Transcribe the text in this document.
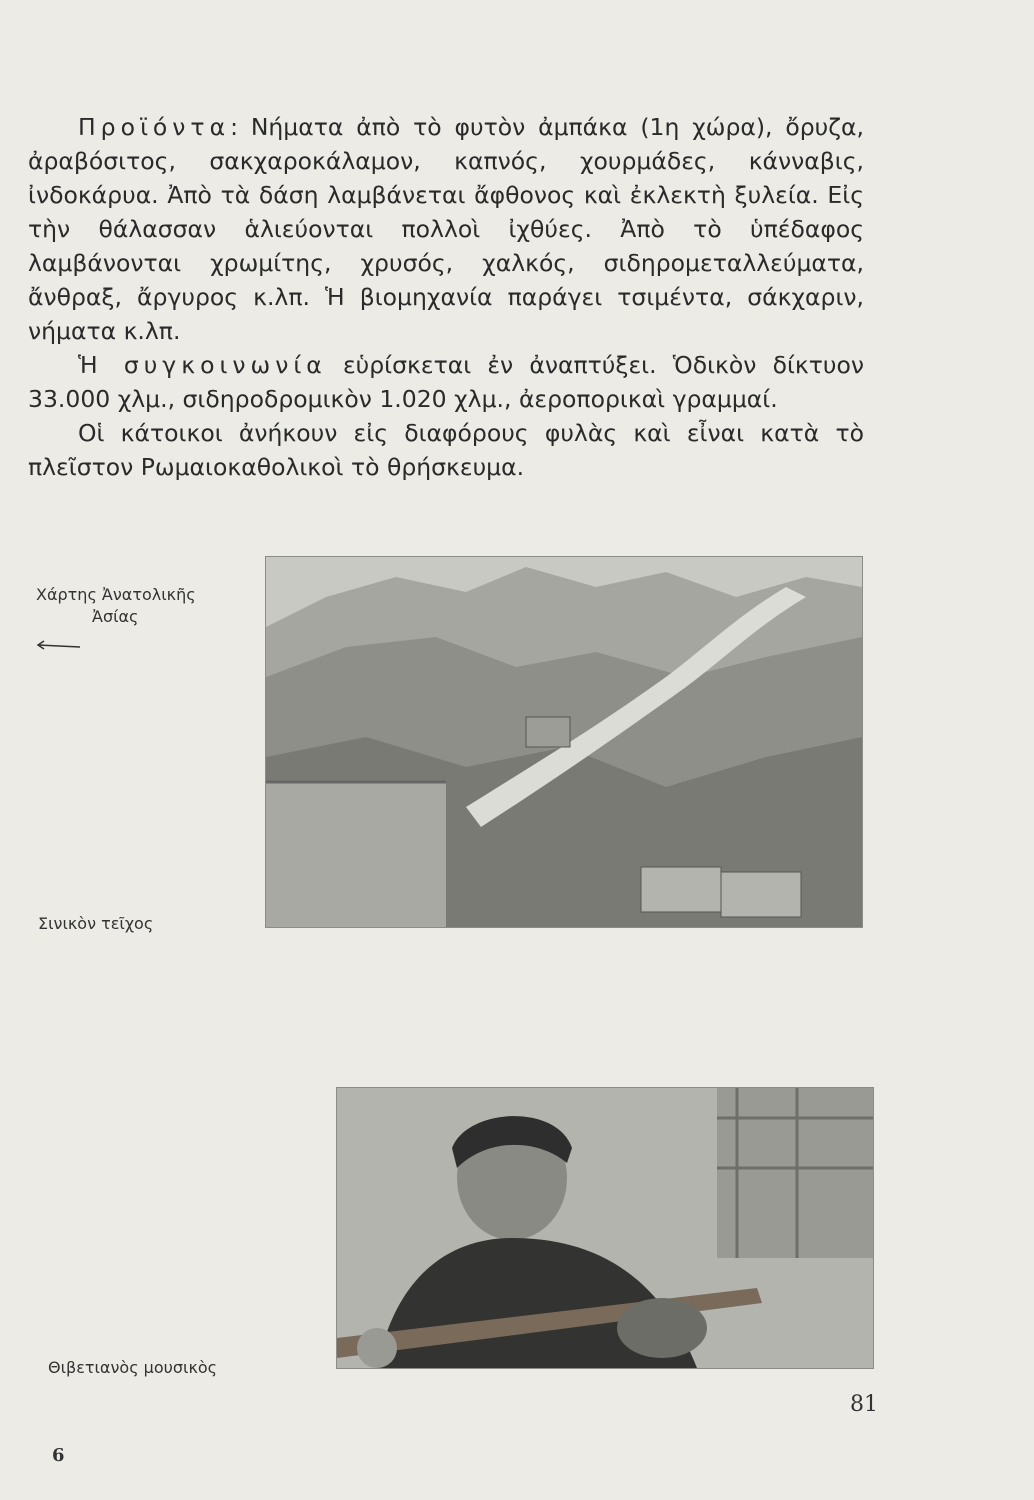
Προϊόντα: Νήματα ἀπὸ τὸ φυτὸν ἀμπάκα (1η χώρα), ὄρυζα, ἀραβόσιτος, σακχαροκάλαμον, καπνός, χουρμάδες, κάνναβις, ἰνδοκάρυα. Ἀπὸ τὰ δάση λαμβάνεται ἄφθονος καὶ ἐκλεκτὴ ξυλεία. Εἰς τὴν θάλασσαν ἁλιεύονται πολλοὶ ἰχθύες. Ἀπὸ τὸ ὑπέδαφος λαμβάνονται χρωμίτης, χρυσός, χαλκός, σιδηρομεταλλεύματα, ἄνθραξ, ἄργυρος κ.λπ. Ἡ βιομηχανία παράγει τσιμέντα, σάκχαριν, νήματα κ.λπ.

Ἡ συγκοινωνία εὑρίσκεται ἐν ἀναπτύξει. Ὁδικὸν δίκτυον 33.000 χλμ., σιδηροδρομικὸν 1.020 χλμ., ἀεροπορικαὶ γραμμαί.

Οἱ κάτοικοι ἀνήκουν εἰς διαφόρους φυλὰς καὶ εἶναι κατὰ τὸ πλεῖστον Ρωμαιοκαθολικοὶ τὸ θρήσκευμα.

Χάρτης Ἀνατολικῆς
Ἀσίας
Σινικὸν τεῖχος
Θιβετιανὸς μουσικὸς
81
6
